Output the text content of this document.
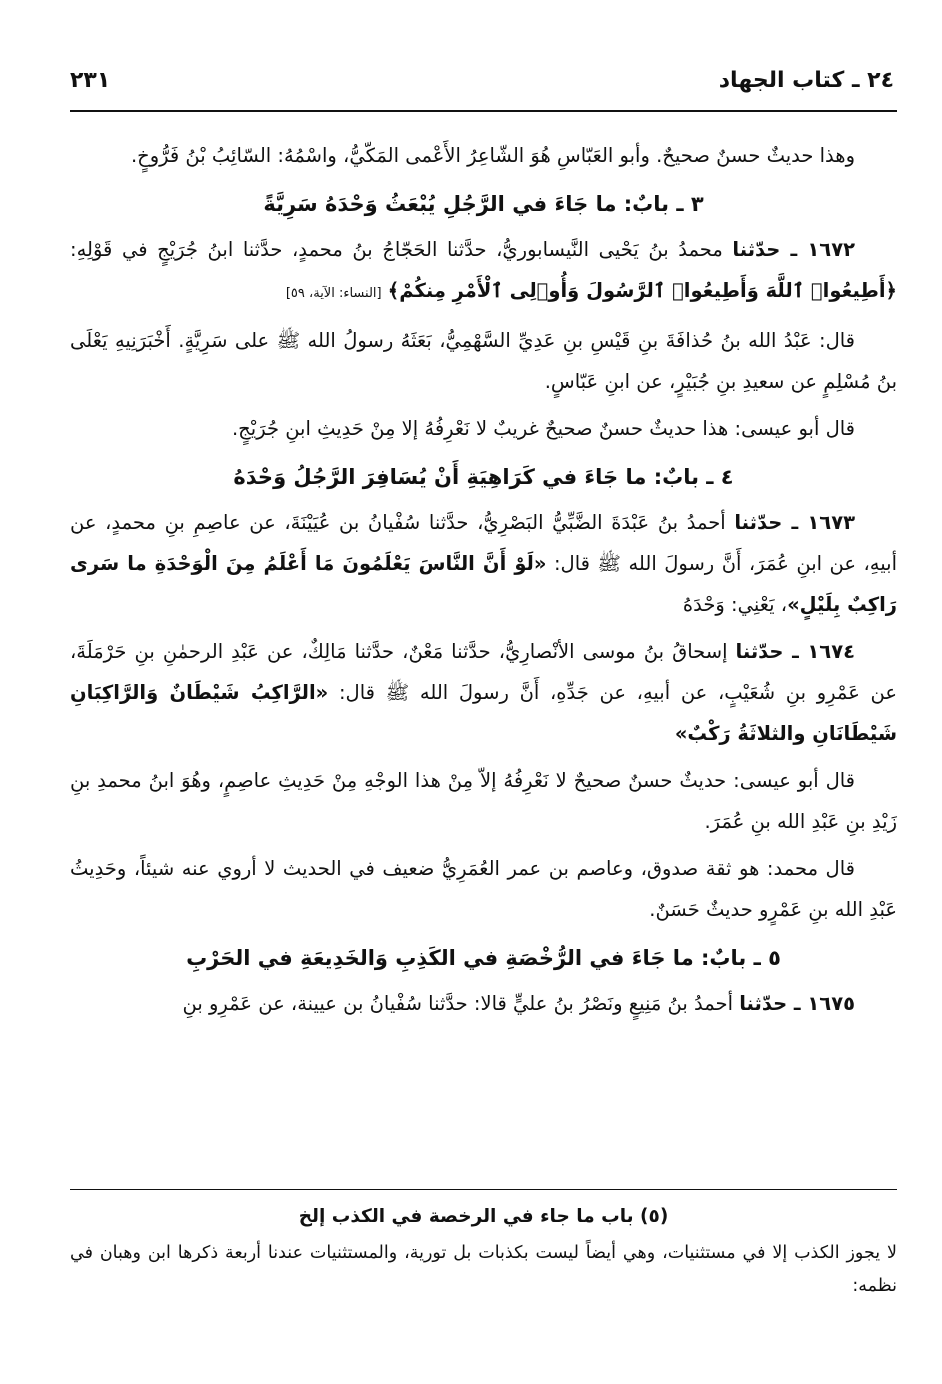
٢٤ ـ كتاب الجهاد
٢٣١

وهذا حديثٌ حسنٌ صحيحٌ. وأبو العَبّاسِ هُوَ الشّاعِرُ الأَعْمى المَكّيُّ، واسْمُهُ: السّائِبُ بْنُ فَرُّوخٍ.

٣ ـ بابٌ: ما جَاءَ في الرَّجُلِ يُبْعَثُ وَحْدَهُ سَرِيَّةً

١٦٧٢ ـ حدّثنا محمدُ بنُ يَحْيى النَّيسابوريُّ، حدَّثنا الحَجّاجُ بنُ محمدٍ، حدَّثنا ابنُ جُرَيْجٍ في قَوْلِهِ: ﴿أَطِيعُوا۟ ٱللَّهَ وَأَطِيعُوا۟ ٱلرَّسُولَ وَأُو۟لِى ٱلْأَمْرِ مِنكُمْ﴾ [النساء: الآية، ٥٩]

قال: عَبْدُ الله بنُ حُذافَةَ بنِ قَيْسِ بنِ عَدِيِّ السَّهْمِيُّ، بَعَثَهُ رسولُ الله ﷺ على سَرِيَّةٍ. أَخْبَرَنِيهِ يَعْلَى بنُ مُسْلِمٍ عن سعيدِ بنِ جُبَيْرٍ، عن ابنِ عَبّاسٍ.

قال أبو عيسى: هذا حديثٌ حسنٌ صحيحٌ غريبٌ لا نَعْرِفُهُ إلا مِنْ حَدِيثِ ابنِ جُرَيْجٍ.

٤ ـ بابٌ: ما جَاءَ في كَرَاهِيَةِ أَنْ يُسَافِرَ الرَّجُلُ وَحْدَهُ

١٦٧٣ ـ حدّثنا أحمدُ بنُ عَبْدَةَ الضَّبِّيُّ البَصْرِيُّ، حدَّثنا سُفْيانُ بن عُيَيْنَةَ، عن عاصِمِ بنِ محمدٍ، عن أبيهِ، عن ابنِ عُمَرَ، أَنَّ رسولَ الله ﷺ قال: «لَوْ أَنَّ النَّاسَ يَعْلَمُونَ مَا أَعْلَمُ مِنَ الْوَحْدَةِ ما سَرى رَاكِبٌ بِلَيْلٍ»، يَعْنِي: وَحْدَهُ

١٦٧٤ ـ حدّثنا إسحاقُ بنُ موسى الأنْصارِيُّ، حدَّثنا مَعْنٌ، حدَّثنا مَالِكٌ، عن عَبْدِ الرحمٰنِ بنِ حَرْمَلَةَ، عن عَمْرِو بنِ شُعَيْبٍ، عن أبيهِ، عن جَدِّهِ، أَنَّ رسولَ الله ﷺ قال: «الرَّاكِبُ شَيْطَانٌ وَالرَّاكِبَانِ شَيْطَانَانِ والثلاثَةُ رَكْبٌ»

قال أبو عيسى: حديثٌ حسنٌ صحيحٌ لا نَعْرِفُهُ إلاّ مِنْ هذا الوجْهِ مِنْ حَدِيثِ عاصِمٍ، وهُوَ ابنُ محمدِ بنِ زَيْدِ بنِ عَبْدِ الله بنِ عُمَرَ.

قال محمد: هو ثقة صدوق، وعاصم بن عمر العُمَرِيُّ ضعيف في الحديث لا أروي عنه شيئاً، وحَدِيثُ عَبْدِ الله بنِ عَمْرٍو حديثٌ حَسَنٌ.

٥ ـ بابٌ: ما جَاءَ في الرُّخْصَةِ في الكَذِبِ وَالخَدِيعَةِ في الحَرْبِ

١٦٧٥ ـ حدّثنا أحمدُ بنُ مَنِيعٍ ونَصْرُ بنُ عليٍّ قالا: حدَّثنا سُفْيانُ بن عيينة، عن عَمْرِو بنِ

(٥) باب ما جاء في الرخصة في الكذب إلخ

لا يجوز الكذب إلا في مستثنيات، وهي أيضاً ليست بكذبات بل تورية، والمستثنيات عندنا أربعة ذكرها ابن وهبان في نظمه:
